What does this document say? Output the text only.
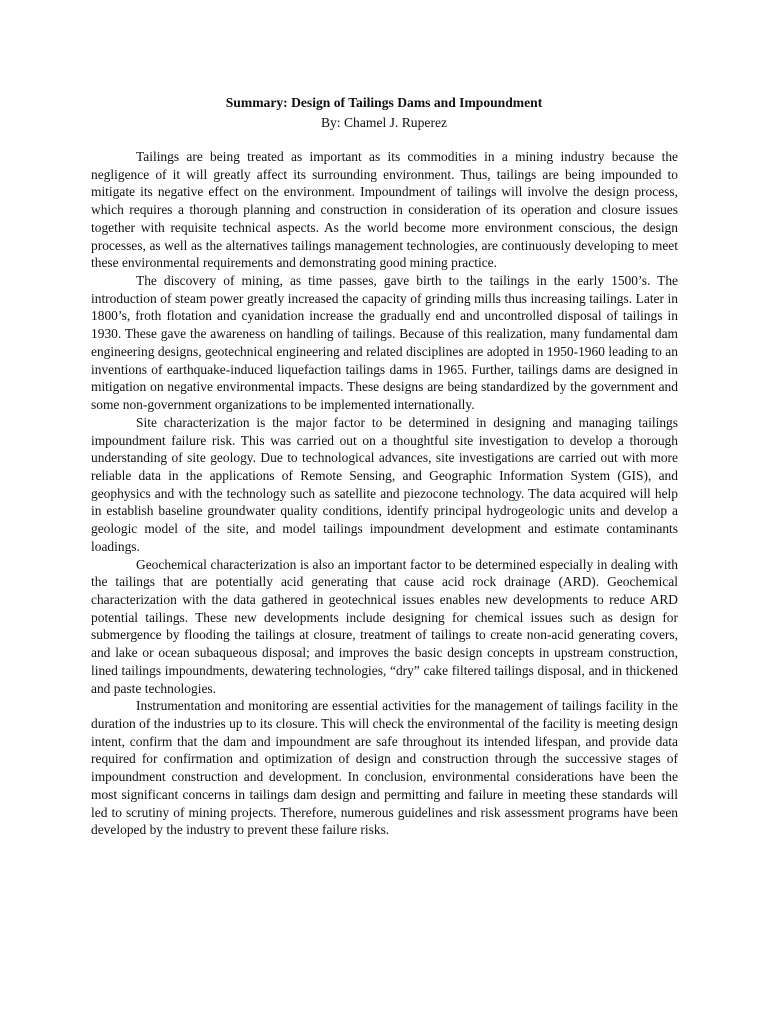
Summary: Design of Tailings Dams and Impoundment

By: Chamel J. Ruperez

Tailings are being treated as important as its commodities in a mining industry because the negligence of it will greatly affect its surrounding environment. Thus, tailings are being impounded to mitigate its negative effect on the environment. Impoundment of tailings will involve the design process, which requires a thorough planning and construction in consideration of its operation and closure issues together with requisite technical aspects. As the world become more environment conscious, the design processes, as well as the alternatives tailings management technologies, are continuously developing to meet these environmental requirements and demonstrating good mining practice.

The discovery of mining, as time passes, gave birth to the tailings in the early 1500’s. The introduction of steam power greatly increased the capacity of grinding mills thus increasing tailings. Later in 1800’s, froth flotation and cyanidation increase the gradually end and uncontrolled disposal of tailings in 1930. These gave the awareness on handling of tailings. Because of this realization, many fundamental dam engineering designs, geotechnical engineering and related disciplines are adopted in 1950-1960 leading to an inventions of earthquake-induced liquefaction tailings dams in 1965. Further, tailings dams are designed in mitigation on negative environmental impacts. These designs are being standardized by the government and some non-government organizations to be implemented internationally.

Site characterization is the major factor to be determined in designing and managing tailings impoundment failure risk. This was carried out on a thoughtful site investigation to develop a thorough understanding of site geology. Due to technological advances, site investigations are carried out with more reliable data in the applications of Remote Sensing, and Geographic Information System (GIS), and geophysics and with the technology such as satellite and piezocone technology. The data acquired will help in establish baseline groundwater quality conditions, identify principal hydrogeologic units and develop a geologic model of the site, and model tailings impoundment development and estimate contaminants loadings.

Geochemical characterization is also an important factor to be determined especially in dealing with the tailings that are potentially acid generating that cause acid rock drainage (ARD). Geochemical characterization with the data gathered in geotechnical issues enables new developments to reduce ARD potential tailings. These new developments include designing for chemical issues such as design for submergence by flooding the tailings at closure, treatment of tailings to create non-acid generating covers, and lake or ocean subaqueous disposal; and improves the basic design concepts in upstream construction, lined tailings impoundments, dewatering technologies, “dry” cake filtered tailings disposal, and in thickened and paste technologies.

Instrumentation and monitoring are essential activities for the management of tailings facility in the duration of the industries up to its closure. This will check the environmental of the facility is meeting design intent, confirm that the dam and impoundment are safe throughout its intended lifespan, and provide data required for confirmation and optimization of design and construction through the successive stages of impoundment construction and development. In conclusion, environmental considerations have been the most significant concerns in tailings dam design and permitting and failure in meeting these standards will led to scrutiny of mining projects. Therefore, numerous guidelines and risk assessment programs have been developed by the industry to prevent these failure risks.
